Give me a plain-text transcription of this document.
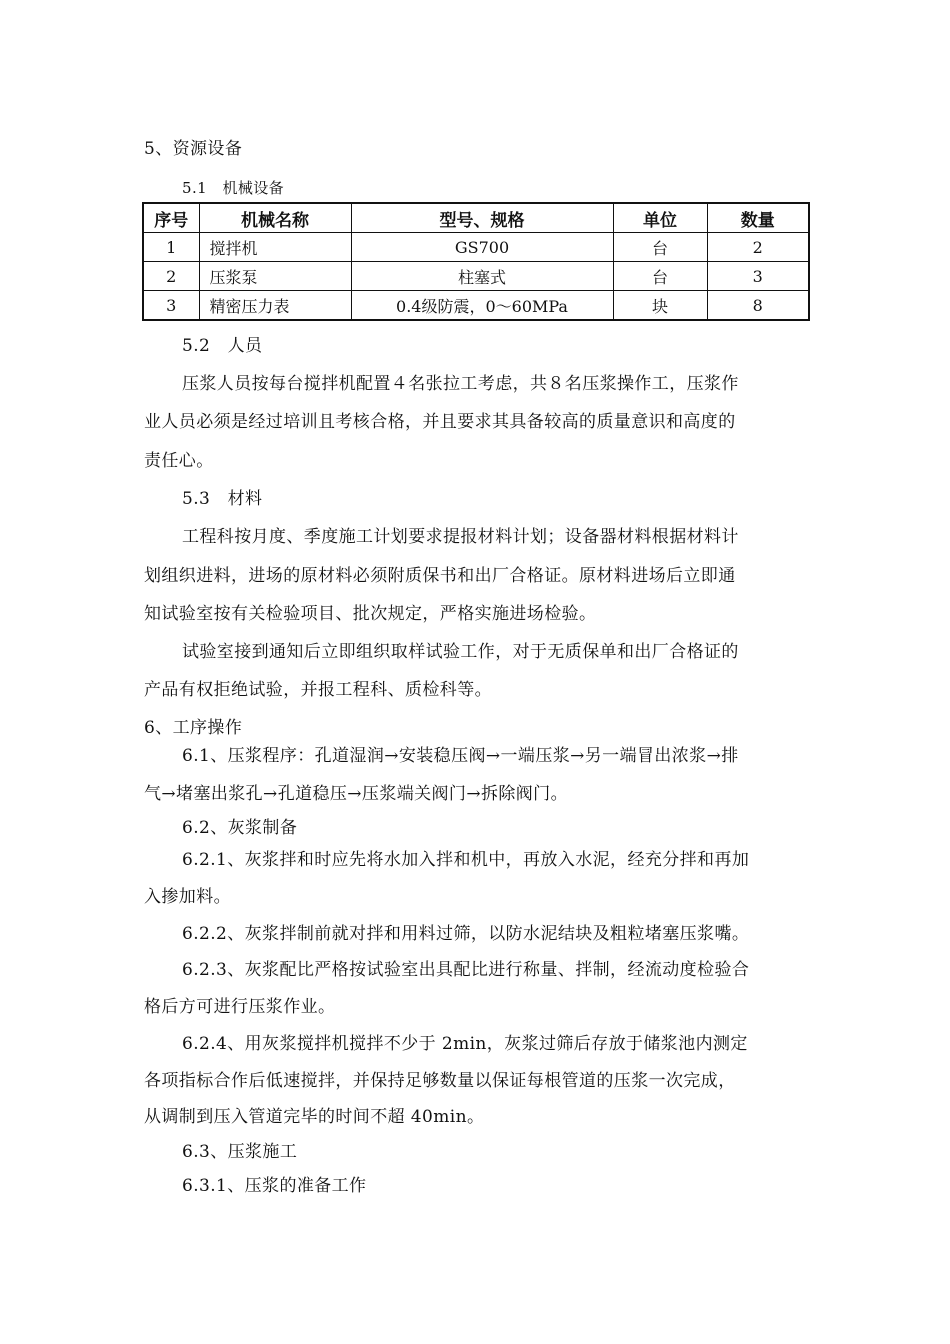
5、资源设备
5.1　机械设备
序号	机械名称	型号、规格	单位	数量
1	搅拌机	GS700	台	2
2	压浆泵	柱塞式	台	3
3	精密压力表	0.4级防震，0～60MPa	块	8
5.2　人员
压浆人员按每台搅拌机配置４名张拉工考虑，共８名压浆操作工，压浆作
业人员必须是经过培训且考核合格，并且要求其具备较高的质量意识和高度的
责任心。
5.3　材料
工程科按月度、季度施工计划要求提报材料计划；设备器材料根据材料计
划组织进料，进场的原材料必须附质保书和出厂合格证。原材料进场后立即通
知试验室按有关检验项目、批次规定，严格实施进场检验。
试验室接到通知后立即组织取样试验工作，对于无质保单和出厂合格证的
产品有权拒绝试验，并报工程科、质检科等。
6、工序操作
6.1、压浆程序：孔道湿润→安装稳压阀→一端压浆→另一端冒出浓浆→排
气→堵塞出浆孔→孔道稳压→压浆端关阀门→拆除阀门。
6.2、灰浆制备
6.2.1、灰浆拌和时应先将水加入拌和机中，再放入水泥，经充分拌和再加
入掺加料。
6.2.2、灰浆拌制前就对拌和用料过筛，以防水泥结块及粗粒堵塞压浆嘴。
6.2.3、灰浆配比严格按试验室出具配比进行称量、拌制，经流动度检验合
格后方可进行压浆作业。
6.2.4、用灰浆搅拌机搅拌不少于 2min，灰浆过筛后存放于储浆池内测定
各项指标合作后低速搅拌，并保持足够数量以保证每根管道的压浆一次完成，
从调制到压入管道完毕的时间不超 40min。
6.3、压浆施工
6.3.1、压浆的准备工作
